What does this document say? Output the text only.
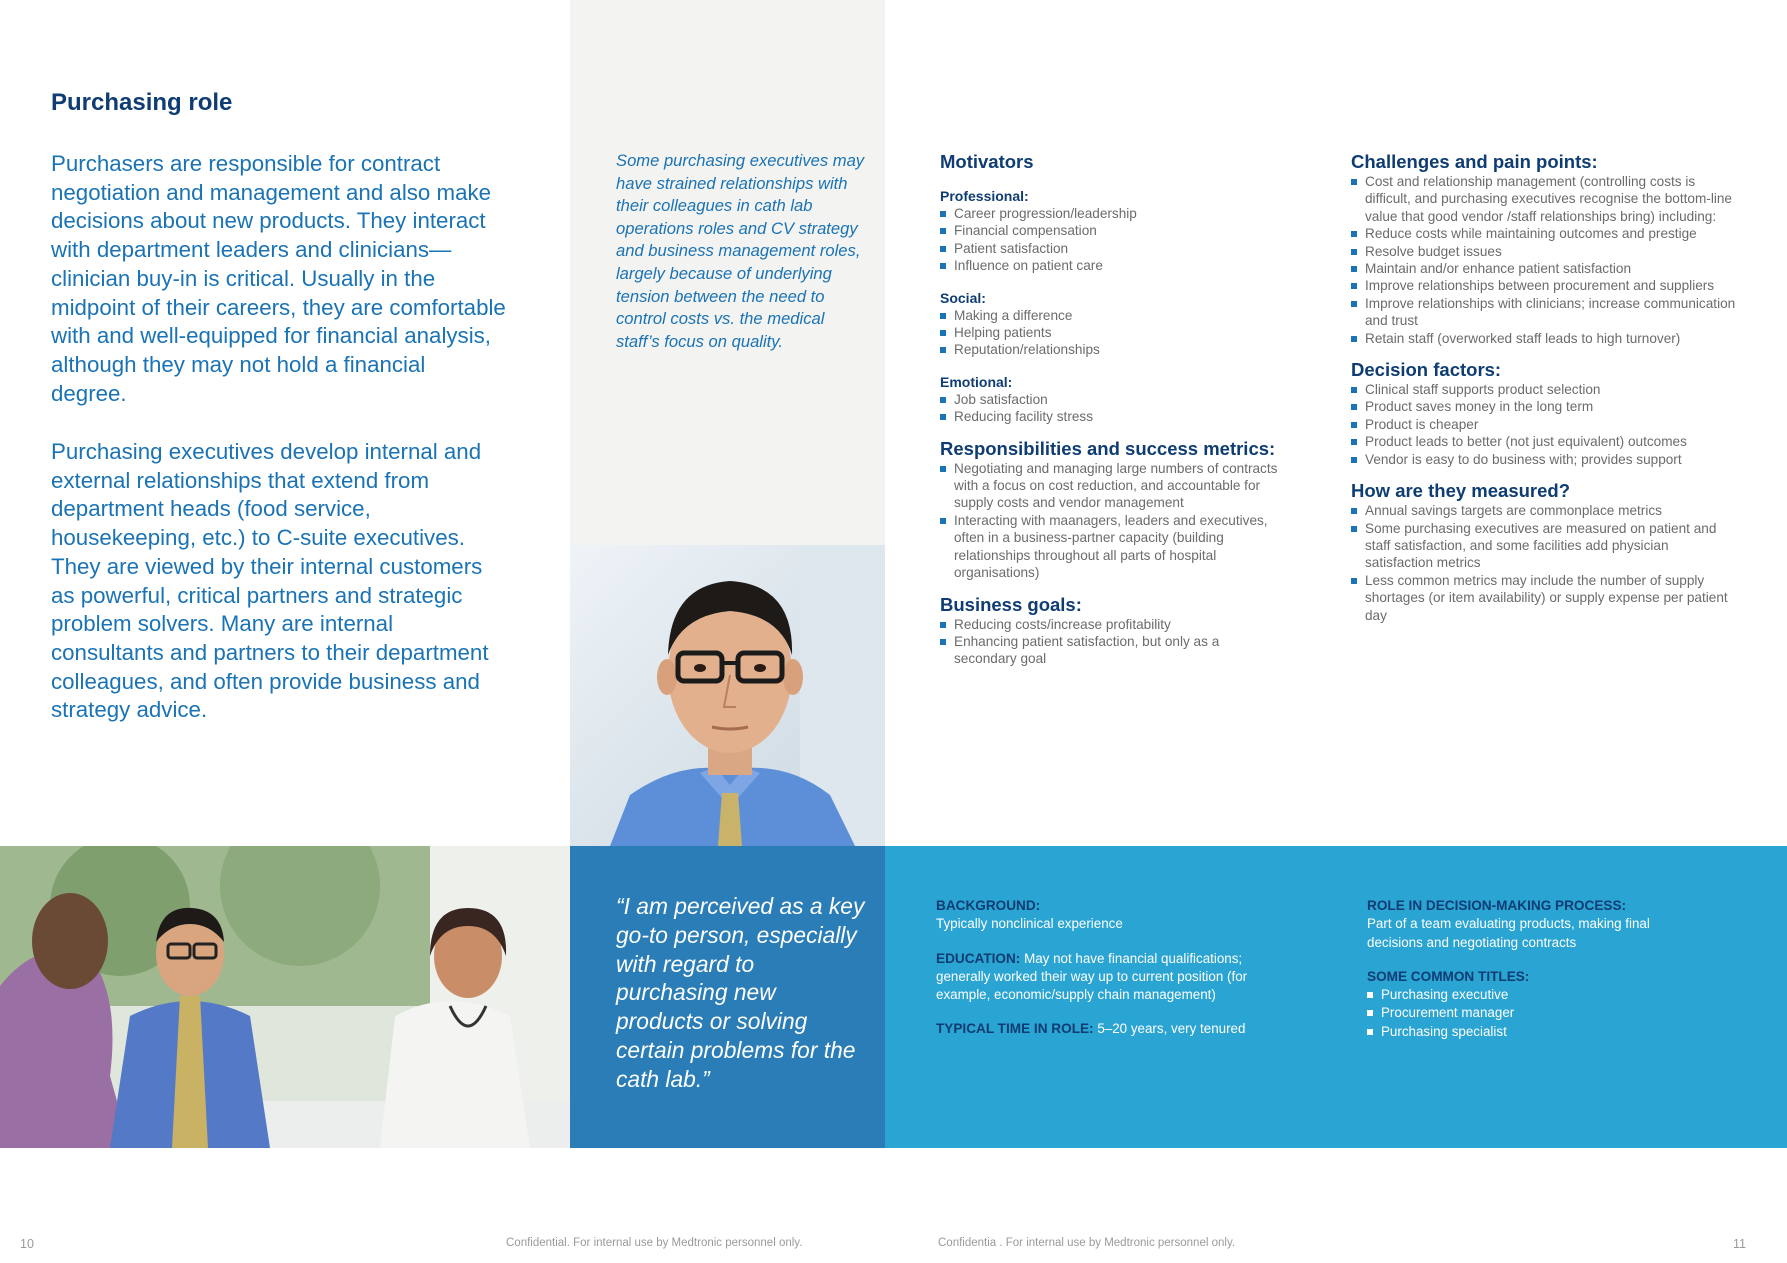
Purchasing role

Purchasers are responsible for contract negotiation and management and also make decisions about new products. They interact with department leaders and clinicians—clinician buy-in is critical. Usually in the midpoint of their careers, they are comfortable with and well-equipped for financial analysis, although they may not hold a financial degree.

Purchasing executives develop internal and external relationships that extend from department heads (food service, housekeeping, etc.) to C-suite executives. They are viewed by their internal customers as powerful, critical partners and strategic problem solvers. Many are internal consultants and partners to their department colleagues, and often provide business and strategy advice.

Some purchasing executives may have strained relationships with their colleagues in cath lab operations roles and CV strategy and business management roles, largely because of underlying tension between the need to control costs vs. the medical staff’s focus on quality.

Motivators
Professional:
Career progression/leadership
Financial compensation
Patient satisfaction
Influence on patient care
Social:
Making a difference
Helping patients
Reputation/relationships
Emotional:
Job satisfaction
Reducing facility stress
Responsibilities and success metrics:
Negotiating and managing large numbers of contracts with a focus on cost reduction, and accountable for supply costs and vendor management
Interacting with maanagers, leaders and executives, often in a business-partner capacity (building relationships throughout all parts of hospital organisations)
Business goals:
Reducing costs/increase profitability
Enhancing patient satisfaction, but only as a secondary goal
Challenges and pain points:
Cost and relationship management (controlling costs is difficult, and purchasing executives recognise the bottom-line value that good vendor /staff relationships bring) including:
Reduce costs while maintaining outcomes and prestige
Resolve budget issues
Maintain and/or enhance patient satisfaction
Improve relationships between procurement and suppliers
Improve relationships with clinicians; increase communication and trust
Retain staff (overworked staff leads to high turnover)
Decision factors:
Clinical staff supports product selection
Product saves money in the long term
Product is cheaper
Product leads to better (not just equivalent) outcomes
Vendor is easy to do business with; provides support
How are they measured?
Annual savings targets are commonplace metrics
Some purchasing executives are measured on patient and staff satisfaction, and some facilities add physician satisfaction metrics
Less common metrics may include the number of supply shortages (or item availability) or supply expense per patient day

“I am perceived as a key go-to person, especially with regard to purchasing new products or solving certain problems for the cath lab.”

BACKGROUND:
Typically nonclinical experience
EDUCATION: May not have financial qualifications; generally worked their way up to current position (for example, economic/supply chain management)
TYPICAL TIME IN ROLE: 5–20 years, very tenured
ROLE IN DECISION-MAKING PROCESS:
Part of a team evaluating products, making final decisions and negotiating contracts
SOME COMMON TITLES:
Purchasing executive
Procurement manager
Purchasing specialist
10	Confidential. For internal use by Medtronic personnel only.	Confidentia . For internal use by Medtronic personnel only.	11
